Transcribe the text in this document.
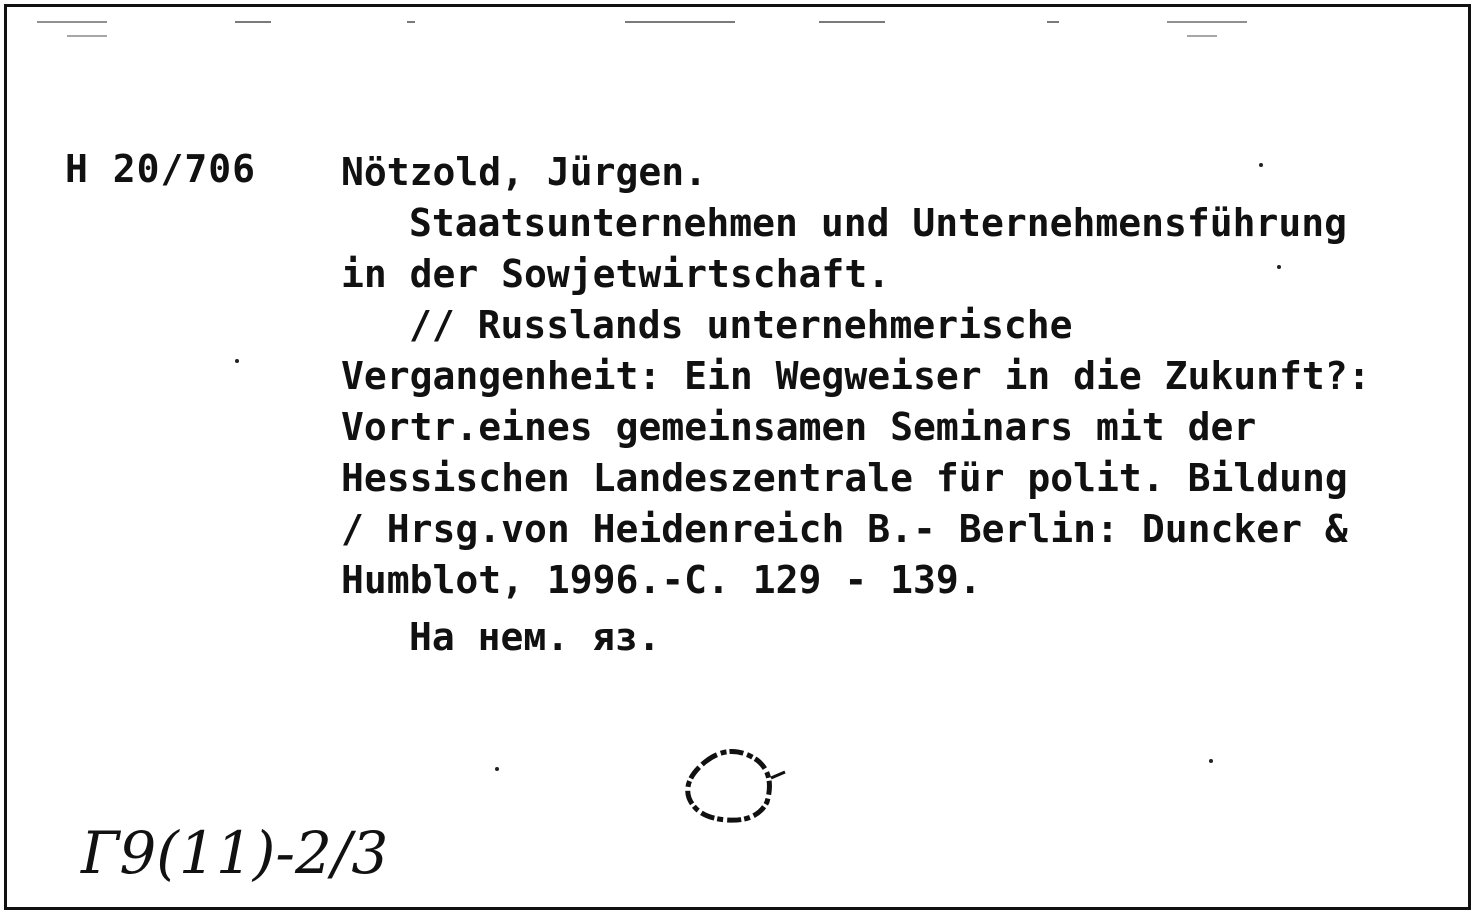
H 20/706 Nötzold, Jürgen.
Staatsunternehmen und Unternehmensführung
in der Sowjetwirtschaft.
// Russlands unternehmerische
Vergangenheit: Ein Wegweiser in die Zukunft?:
Vortr.eines gemeinsamen Seminars mit der
Hessischen Landeszentrale für polit. Bildung
/ Hrsg.von Heidenreich B.- Berlin: Duncker &
Humblot, 1996.-C. 129 - 139.
На нем. яз.
Г9(11)-2/3
